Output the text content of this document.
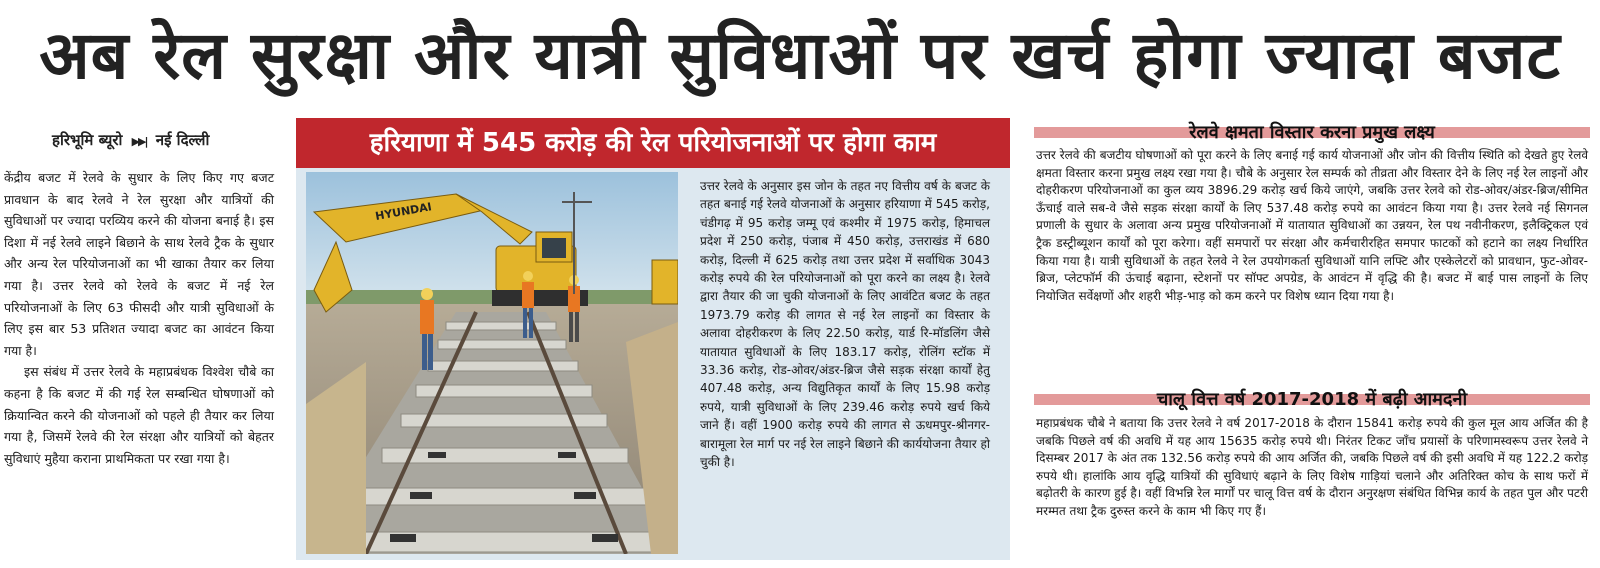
अब रेल सुरक्षा और यात्री सुविधाओं पर खर्च होगा ज्यादा बजट
हरिभूमि ब्यूरो ▶▶| नई दिल्ली

केंद्रीय बजट में रेलवे के सुधार के लिए किए गए बजट प्रावधान के बाद रेलवे ने रेल सुरक्षा और यात्रियों की सुविधाओं पर ज्यादा परव्यिय करने की योजना बनाई है। इस दिशा में नई रेलवे लाइने बिछाने के साथ रेलवे ट्रैक के सुधार और अन्य रेल परियोजनाओं का भी खाका तैयार कर लिया गया है। उत्तर रेलवे को रेलवे के बजट में नई रेल परियोजनाओं के लिए 63 फीसदी और यात्री सुविधाओं के लिए इस बार 53 प्रतिशत ज्यादा बजट का आवंटन किया गया है।

इस संबंध में उत्तर रेलवे के महाप्रबंधक विश्वेश चौबे का कहना है कि बजट में की गई रेल सम्बन्धित घोषणाओं को क्रियान्वित करने की योजनाओं को पहले ही तैयार कर लिया गया है, जिसमें रेलवे की रेल संरक्षा और यात्रियों को बेहतर सुविधाएं मुहैया कराना प्राथमिकता पर रखा गया है।

हरियाणा में 545 करोड़ की रेल परियोजनाओं पर होगा काम
HYUNDAI
उत्तर रेलवे के अनुसार इस जोन के तहत नए वित्तीय वर्ष के बजट के तहत बनाई गई रेलवे योजनाओं के अनुसार हरियाणा में 545 करोड़, चंडीगढ़ में 95 करोड़ जम्मू एवं कश्मीर में 1975 करोड़, हिमाचल प्रदेश में 250 करोड़, पंजाब में 450 करोड़, उत्तराखंड में 680 करोड़, दिल्ली में 625 करोड़ तथा उत्तर प्रदेश में सर्वाधिक 3043 करोड़ रुपये की रेल परियोजनाओं को पूरा करने का लक्ष्य है। रेलवे द्वारा तैयार की जा चुकी योजनाओं के लिए आवंटित बजट के तहत 1973.79 करोड़ की लागत से नई रेल लाइनों का विस्तार के अलावा दोहरीकरण के लिए 22.50 करोड़, यार्ड रि-मॉडलिंग जैसे यातायात सुविधाओं के लिए 183.17 करोड़, रोलिंग स्टॉक में 33.36 करोड़, रोड-ओवर/अंडर-ब्रिज जैसे सड़क संरक्षा कार्यों हेतु 407.48 करोड़, अन्य विद्युतिकृत कार्यों के लिए 15.98 करोड़ रुपये, यात्री सुविधाओं के लिए 239.46 करोड़ रुपये खर्च किये जाने हैं। वहीं 1900 करोड़ रुपये की लागत से ऊधमपुर-श्रीनगर-बारामूला रेल मार्ग पर नई रेल लाइने बिछाने की कार्ययोजना तैयार हो चुकी है।
रेलवे क्षमता विस्तार करना प्रमुख लक्ष्य

उत्तर रेलवे की बजटीय घोषणाओं को पूरा करने के लिए बनाई गई कार्य योजनाओं और जोन की वित्तीय स्थिति को देखते हुए रेलवे क्षमता विस्तार करना प्रमुख लक्ष्य रखा गया है। चौबे के अनुसार रेल सम्पर्क को तीव्रता और विस्तार देने के लिए नई रेल लाइनों और दोहरीकरण परियोजनाओं का कुल व्यय 3896.29 करोड़ खर्च किये जाएंगे, जबकि उत्तर रेलवे को रोड-ओवर/अंडर-ब्रिज/सीमित ऊँचाई वाले सब-वे जैसे सड़क संरक्षा कार्यों के लिए 537.48 करोड़ रुपये का आवंटन किया गया है। उत्तर रेलवे नई सिगनल प्रणाली के सुधार के अलावा अन्य प्रमुख परियोजनाओं में यातायात सुविधाओं का उन्नयन, रेल पथ नवीनीकरण, इलैक्ट्रिकल एवं ट्रैक डस्ट्रीब्यूशन कार्यों को पूरा करेगा। वहीं समपारों पर संरक्षा और कर्मचारीरहित समपार फाटकों को हटाने का लक्ष्य निर्धारित किया गया है। यात्री सुविधाओं के तहत रेलवे ने रेल उपयोगकर्ता सुविधाओं यानि लफ्टि और एस्केलेटरों को प्रावधान, फुट-ओवर-ब्रिज, प्लेटफॉर्म की ऊंचाई बढ़ाना, स्टेशनों पर सॉफ्ट अपग्रेड, के आवंटन में वृद्धि की है। बजट में बाई पास लाइनों के लिए नियोजित सर्वेक्षणों और शहरी भीड़-भाड़ को कम करने पर विशेष ध्यान दिया गया है।

चालू वित्त वर्ष 2017-2018 में बढ़ी आमदनी

महाप्रबंधक चौबे ने बताया कि उत्तर रेलवे ने वर्ष 2017-2018 के दौरान 15841 करोड़ रुपये की कुल मूल आय अर्जित की है जबकि पिछले वर्ष की अवधि में यह आय 15635 करोड़ रुपये थी। निरंतर टिकट जाँच प्रयासों के परिणामस्वरूप उत्तर रेलवे ने दिसम्बर 2017 के अंत तक 132.56 करोड़ रुपये की आय अर्जित की, जबकि पिछले वर्ष की इसी अवधि में यह 122.2 करोड़ रुपये थी। हालांकि आय वृद्धि यात्रियों की सुविधाएं बढ़ाने के लिए विशेष गाड़ियां चलाने और अतिरिक्त कोच के साथ फरों में बढ़ोतरी के कारण हुई है। वहीं विभन्नि रेल मार्गों पर चालू वित्त वर्ष के दौरान अनुरक्षण संबंधित विभिन्न कार्य के तहत पुल और पटरी मरम्मत तथा ट्रैक दुरुस्त करने के काम भी किए गए हैं।
